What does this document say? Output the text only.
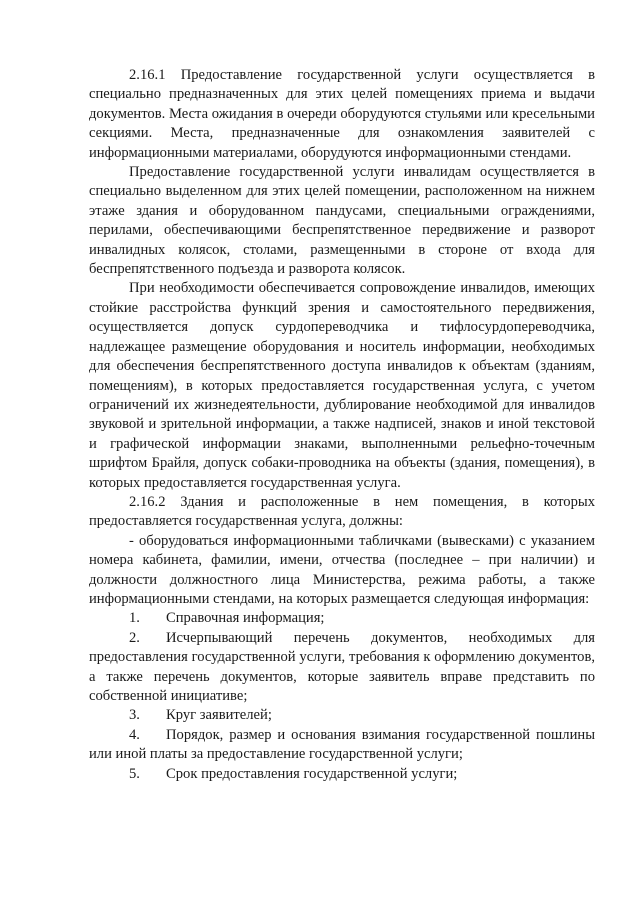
2.16.1 Предоставление государственной услуги осуществляется в специально предназначенных для этих целей помещениях приема и выдачи документов. Места ожидания в очереди оборудуются стульями или кресельными секциями. Места, предназначенные для ознакомления заявителей с информационными материалами, оборудуются информационными стендами.

Предоставление государственной услуги инвалидам осуществляется в специально выделенном для этих целей помещении, расположенном на нижнем этаже здания и оборудованном пандусами, специальными ограждениями, перилами, обеспечивающими беспрепятственное передвижение и разворот инвалидных колясок, столами, размещенными в стороне от входа для беспрепятственного подъезда и разворота колясок.

При необходимости обеспечивается сопровождение инвалидов, имеющих стойкие расстройства функций зрения и самостоятельного передвижения, осуществляется допуск сурдопереводчика и тифлосурдопереводчика, надлежащее размещение оборудования и носитель информации, необходимых для обеспечения беспрепятственного доступа инвалидов к объектам (зданиям, помещениям), в которых предоставляется государственная услуга, с учетом ограничений их жизнедеятельности, дублирование необходимой для инвалидов звуковой и зрительной информации, а также надписей, знаков и иной текстовой и графической информации знаками, выполненными рельефно-точечным шрифтом Брайля, допуск собаки-проводника на объекты (здания, помещения), в которых предоставляется государственная услуга.

2.16.2 Здания и расположенные в нем помещения, в которых предоставляется государственная услуга, должны:

- оборудоваться информационными табличками (вывесками) с указанием номера кабинета, фамилии, имени, отчества (последнее – при наличии) и должности должностного лица Министерства, режима работы, а также информационными стендами, на которых размещается следующая информация:

1. Справочная информация;

2. Исчерпывающий перечень документов, необходимых для предоставления государственной услуги, требования к оформлению документов, а также перечень документов, которые заявитель вправе представить по собственной инициативе;

3. Круг заявителей;

4. Порядок, размер и основания взимания государственной пошлины или иной платы за предоставление государственной услуги;

5. Срок предоставления государственной услуги;
